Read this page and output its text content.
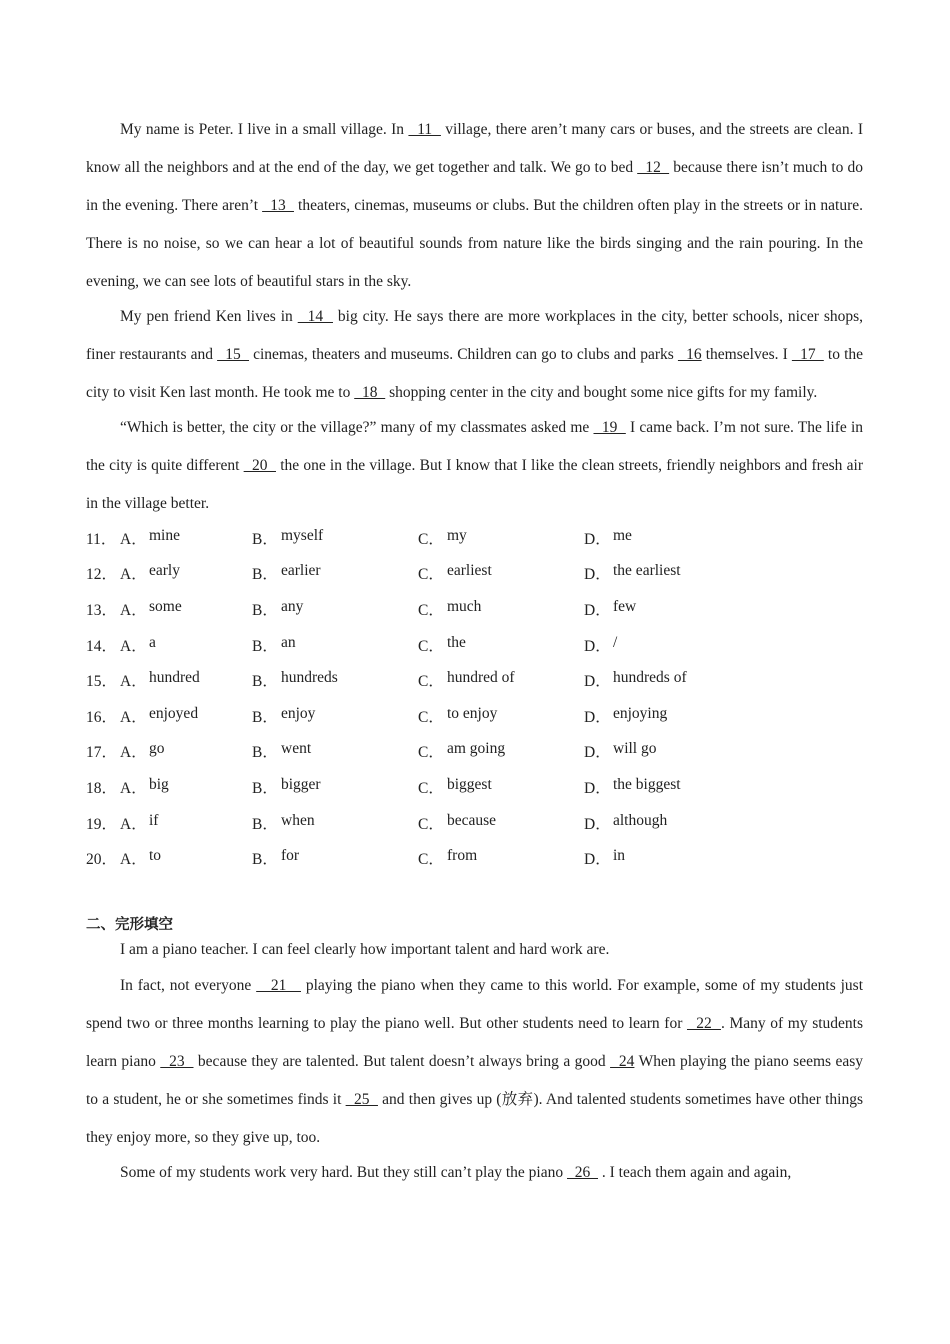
My name is Peter. I live in a small village. In   11   village, there aren’t many cars or buses, and the streets are clean. I know all the neighbors and at the end of the day, we get together and talk. We go to bed   12   because there isn’t much to do in the evening. There aren’t   13   theaters, cinemas, museums or clubs. But the children often play in the streets or in nature. There is no noise, so we can hear a lot of beautiful sounds from nature like the birds singing and the rain pouring. In the evening, we can see lots of beautiful stars in the sky.

My pen friend Ken lives in   14   big city. He says there are more workplaces in the city, better schools, nicer shops, finer restaurants and   15   cinemas, theaters and museums. Children can go to clubs and parks   16 themselves. I   17   to the city to visit Ken last month. He took me to   18   shopping center in the city and bought some nice gifts for my family.

“Which is better, the city or the village?” many of my classmates asked me   19   I came back. I’m not sure. The life in the city is quite different   20   the one in the village. But I know that I like the clean streets, friendly neighbors and fresh air in the village better.

11． A． mine	B． myself	C． my	D． me
12． A． early	B． earlier	C． earliest	D． the earliest
13． A． some	B． any	C． much	D． few
14． A． a	B． an	C． the	D． /
15． A． hundred	B． hundreds	C． hundred of	D． hundreds of
16． A． enjoyed	B． enjoy	C． to enjoy	D． enjoying
17． A． go	B． went	C． am going	D． will go
18． A． big	B． bigger	C． biggest	D． the biggest
19． A． if	B． when	C． because	D． although
20． A． to	B． for	C． from	D． in
二、完形填空

I am a piano teacher. I can feel clearly how important talent and hard work are.

In fact, not everyone    21    playing the piano when they came to this world. For example, some of my students just spend two or three months learning to play the piano well. But other students need to learn for   22  . Many of my students learn piano   23   because they are talented. But talent doesn’t always bring a good   24 When playing the piano seems easy to a student, he or she sometimes finds it   25   and then gives up (放弃). And talented students sometimes have other things they enjoy more, so they give up, too.

Some of my students work very hard. But they still can’t play the piano   26   . I teach them again and again,
